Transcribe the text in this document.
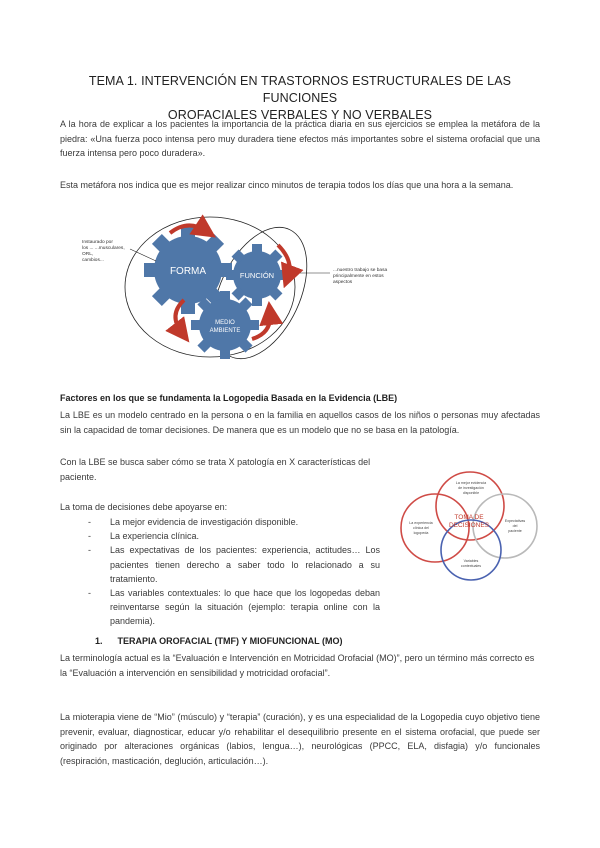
TEMA 1. INTERVENCIÓN EN TRASTORNOS ESTRUCTURALES DE LAS FUNCIONES
OROFACIALES VERBALES Y NO VERBALES
A la hora de explicar a los pacientes la importancia de la práctica diaria en sus ejercicios se emplea la metáfora de la piedra: «Una fuerza poco intensa pero muy duradera tiene efectos más importantes sobre el sistema orofacial que una fuerza intensa pero poco duradera».
Esta metáfora nos indica que es mejor realizar cinco minutos de terapia todos los días que una hora a la semana.
FORMA	FUNCIÓN
MEDIO
AMBIENTE
Instaurado por
los ... ...musculares,
ORL,
cambios...
...nuestro trabajo se basa
principalmente en estos
aspectos
Factores en los que se fundamenta la Logopedia Basada en la Evidencia (LBE)
La LBE es un modelo centrado en la persona o en la familia en aquellos casos de los niños o personas muy afectadas sin la capacidad de tomar decisiones. De manera que es un modelo que no se basa en la patología.
Con la LBE se busca saber cómo se trata X patología en X características del paciente.
La toma de decisiones debe apoyarse en:
- La mejor evidencia de investigación disponible.
- La experiencia clínica.
- Las expectativas de los pacientes: experiencia, actitudes… Los pacientes tienen derecho a saber todo lo relacionado a su tratamiento.
- Las variables contextuales: lo que hace que los logopedas deban reinventarse según la situación (ejemplo: terapia online con la pandemia).
TOMA DE
DECISIONES
La mejor evidencia
de investigación
disponible
La experiencia
clínica del
logopeda
Expectativas
del
paciente
Variables
contextuales
1.      TERAPIA OROFACIAL (TMF) Y MIOFUNCIONAL (MO)
La terminología actual es la “Evaluación e Intervención en Motricidad Orofacial (MO)”, pero un término más correcto es la “Evaluación a intervención en sensibilidad y motricidad orofacial”.
La mioterapia viene de “Mio” (músculo) y “terapia” (curación), y es una especialidad de la Logopedia cuyo objetivo tiene prevenir, evaluar, diagnosticar, educar y/o rehabilitar el desequilibrio presente en el sistema orofacial, que puede ser originado por alteraciones orgánicas (labios, lengua…), neurológicas (PPCC, ELA, disfagia) y/o funcionales (respiración, masticación, deglución, articulación…).
